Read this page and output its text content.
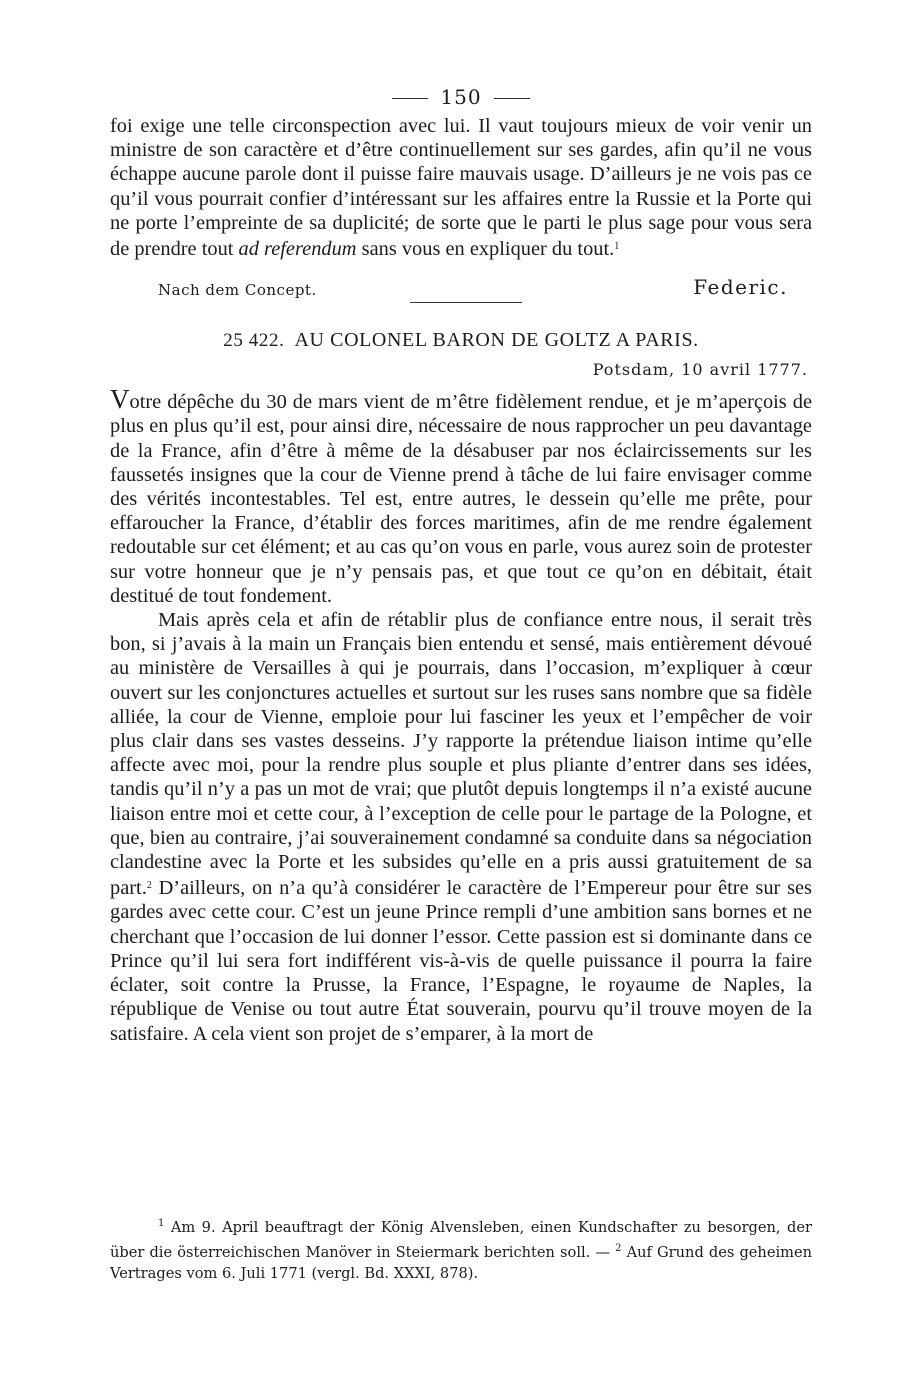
150

foi exige une telle circonspection avec lui. Il vaut toujours mieux de voir venir un ministre de son caractère et d’être continuellement sur ses gardes, afin qu’il ne vous échappe aucune parole dont il puisse faire mauvais usage. D’ailleurs je ne vois pas ce qu’il vous pourrait confier d’intéressant sur les affaires entre la Russie et la Porte qui ne porte l’empreinte de sa duplicité; de sorte que le parti le plus sage pour vous sera de prendre tout ad referendum sans vous en expliquer du tout.$^1$

Nach dem Concept.	Federic.
25 422. AU COLONEL BARON DE GOLTZ A PARIS.
Potsdam, 10 avril 1777.

Votre dépêche du 30 de mars vient de m’être fidèlement rendue, et je m’aperçois de plus en plus qu’il est, pour ainsi dire, nécessaire de nous rapprocher un peu davantage de la France, afin d’être à même de la désabuser par nos éclaircissements sur les faussetés insignes que la cour de Vienne prend à tâche de lui faire envisager comme des vérités incontestables. Tel est, entre autres, le dessein qu’elle me prête, pour effaroucher la France, d’établir des forces maritimes, afin de me rendre également redoutable sur cet élément; et au cas qu’on vous en parle, vous aurez soin de protester sur votre honneur que je n’y pensais pas, et que tout ce qu’on en débitait, était destitué de tout fondement.

Mais après cela et afin de rétablir plus de confiance entre nous, il serait très bon, si j’avais à la main un Français bien entendu et sensé, mais entièrement dévoué au ministère de Versailles à qui je pourrais, dans l’occasion, m’expliquer à cœur ouvert sur les conjonctures actuelles et surtout sur les ruses sans nombre que sa fidèle alliée, la cour de Vienne, emploie pour lui fasciner les yeux et l’empêcher de voir plus clair dans ses vastes desseins. J’y rapporte la prétendue liaison intime qu’elle affecte avec moi, pour la rendre plus souple et plus pliante d’entrer dans ses idées, tandis qu’il n’y a pas un mot de vrai; que plutôt depuis longtemps il n’a existé aucune liaison entre moi et cette cour, à l’exception de celle pour le partage de la Pologne, et que, bien au contraire, j’ai souverainement condamné sa conduite dans sa négociation clandestine avec la Porte et les subsides qu’elle en a pris aussi gratuitement de sa part.$^2$ D’ailleurs, on n’a qu’à considérer le caractère de l’Empereur pour être sur ses gardes avec cette cour. C’est un jeune Prince rempli d’une ambition sans bornes et ne cherchant que l’occasion de lui donner l’essor. Cette passion est si dominante dans ce Prince qu’il lui sera fort indifférent vis-à-vis de quelle puissance il pourra la faire éclater, soit contre la Prusse, la France, l’Espagne, le royaume de Naples, la république de Venise ou tout autre État souverain, pourvu qu’il trouve moyen de la satisfaire. A cela vient son projet de s’emparer, à la mort de

$^1$ Am 9. April beauftragt der König Alvensleben, einen Kundschafter zu besorgen, der über die österreichischen Manöver in Steiermark berichten soll. — $^2$ Auf Grund des geheimen Vertrages vom 6. Juli 1771 (vergl. Bd. XXXI, 878).
